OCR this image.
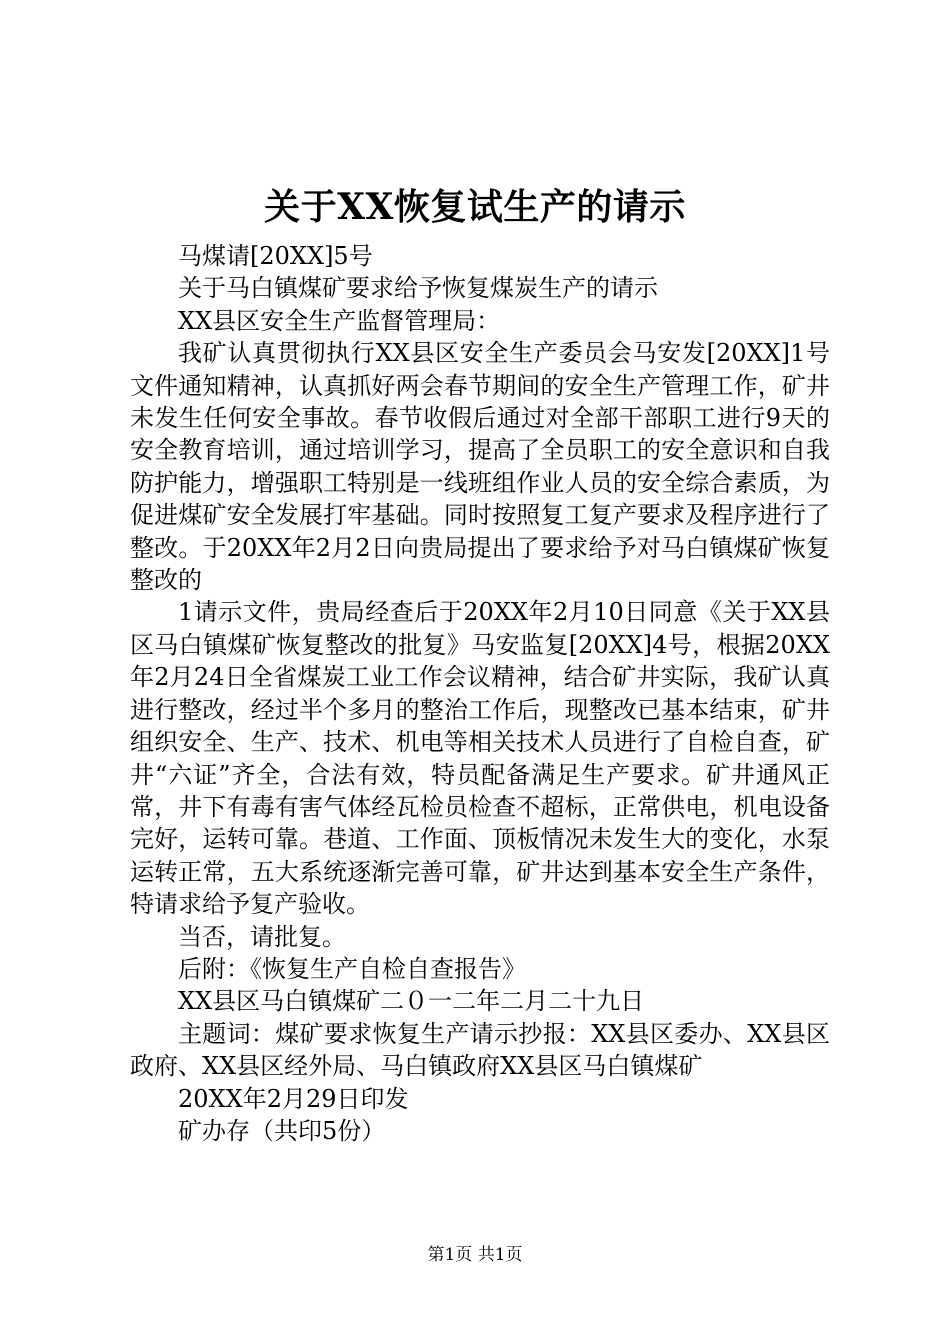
关于XX恢复试生产的请示

马煤请[20XX]5号

关于马白镇煤矿要求给予恢复煤炭生产的请示

XX县区安全生产监督管理局：

我矿认真贯彻执行XX县区安全生产委员会马安发[20XX]1号文件通知精神，认真抓好两会春节期间的安全生产管理工作，矿井未发生任何安全事故。春节收假后通过对全部干部职工进行9天的安全教育培训，通过培训学习，提高了全员职工的安全意识和自我防护能力，增强职工特别是一线班组作业人员的安全综合素质，为促进煤矿安全发展打牢基础。同时按照复工复产要求及程序进行了整改。于20XX年2月2日向贵局提出了要求给予对马白镇煤矿恢复整改的

1请示文件，贵局经查后于20XX年2月10日同意《关于XX县区马白镇煤矿恢复整改的批复》马安监复[20XX]4号，根据20XX年2月24日全省煤炭工业工作会议精神，结合矿井实际，我矿认真进行整改，经过半个多月的整治工作后，现整改已基本结束，矿井组织安全、生产、技术、机电等相关技术人员进行了自检自查，矿井“六证”齐全，合法有效，特员配备满足生产要求。矿井通风正常，井下有毒有害气体经瓦检员检查不超标，正常供电，机电设备完好，运转可靠。巷道、工作面、顶板情况未发生大的变化，水泵运转正常，五大系统逐渐完善可靠，矿井达到基本安全生产条件，特请求给予复产验收。

当否，请批复。

后附：《恢复生产自检自查报告》

XX县区马白镇煤矿二０一二年二月二十九日

主题词：煤矿要求恢复生产请示抄报：XX县区委办、XX县区政府、XX县区经外局、马白镇政府XX县区马白镇煤矿

20XX年2月29日印发

矿办存（共印5份）

第1页 共1页
